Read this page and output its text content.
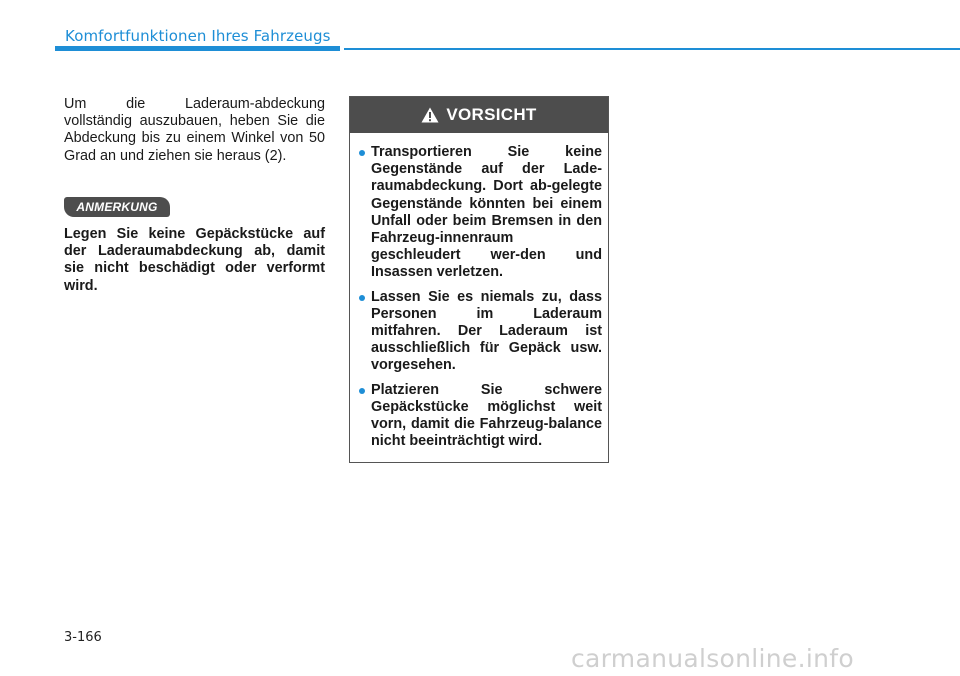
Komfortfunktionen Ihres Fahrzeugs

Um die Laderaum-abdeckung vollständig auszubauen, heben Sie die Abdeckung bis zu einem Winkel von 50 Grad an und ziehen sie heraus (2).

ANMERKUNG

Legen Sie keine Gepäckstücke auf der Laderaumabdeckung ab, damit sie nicht beschädigt oder verformt wird.

VORSICHT
Transportieren Sie keine Gegenstände auf der Lade-raumabdeckung. Dort ab-gelegte Gegenstände könnten bei einem Unfall oder beim Bremsen in den Fahrzeug-innenraum geschleudert wer-den und Insassen verletzen.
Lassen Sie es niemals zu, dass Personen im Laderaum mitfahren. Der Laderaum ist ausschließlich für Gepäck usw. vorgesehen.
Platzieren Sie schwere Gepäckstücke möglichst weit vorn, damit die Fahrzeug-balance nicht beeinträchtigt wird.
3-166
carmanualsonline.info
